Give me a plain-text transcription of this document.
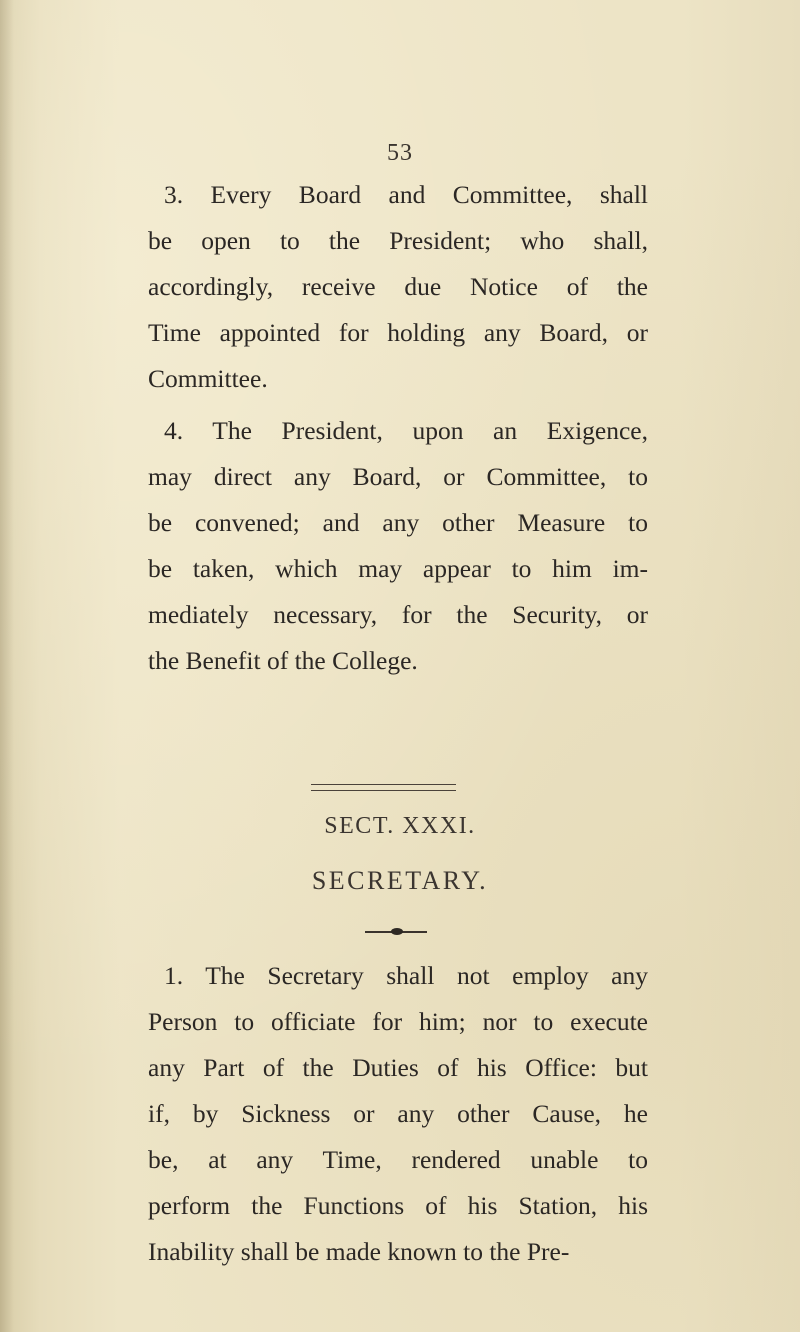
53
3. Every Board and Committee, shall
be open to the President; who shall,
accordingly, receive due Notice of the
Time appointed for holding any Board, or
Committee.
4. The President, upon an Exigence,
may direct any Board, or Committee, to
be convened; and any other Measure to
be taken, which may appear to him im-
mediately necessary, for the Security, or
the Benefit of the College.
SECT. XXXI.
SECRETARY.
1. The Secretary shall not employ any
Person to officiate for him; nor to execute
any Part of the Duties of his Office: but
if, by Sickness or any other Cause, he
be, at any Time, rendered unable to
perform the Functions of his Station, his
Inability shall be made known to the Pre-
